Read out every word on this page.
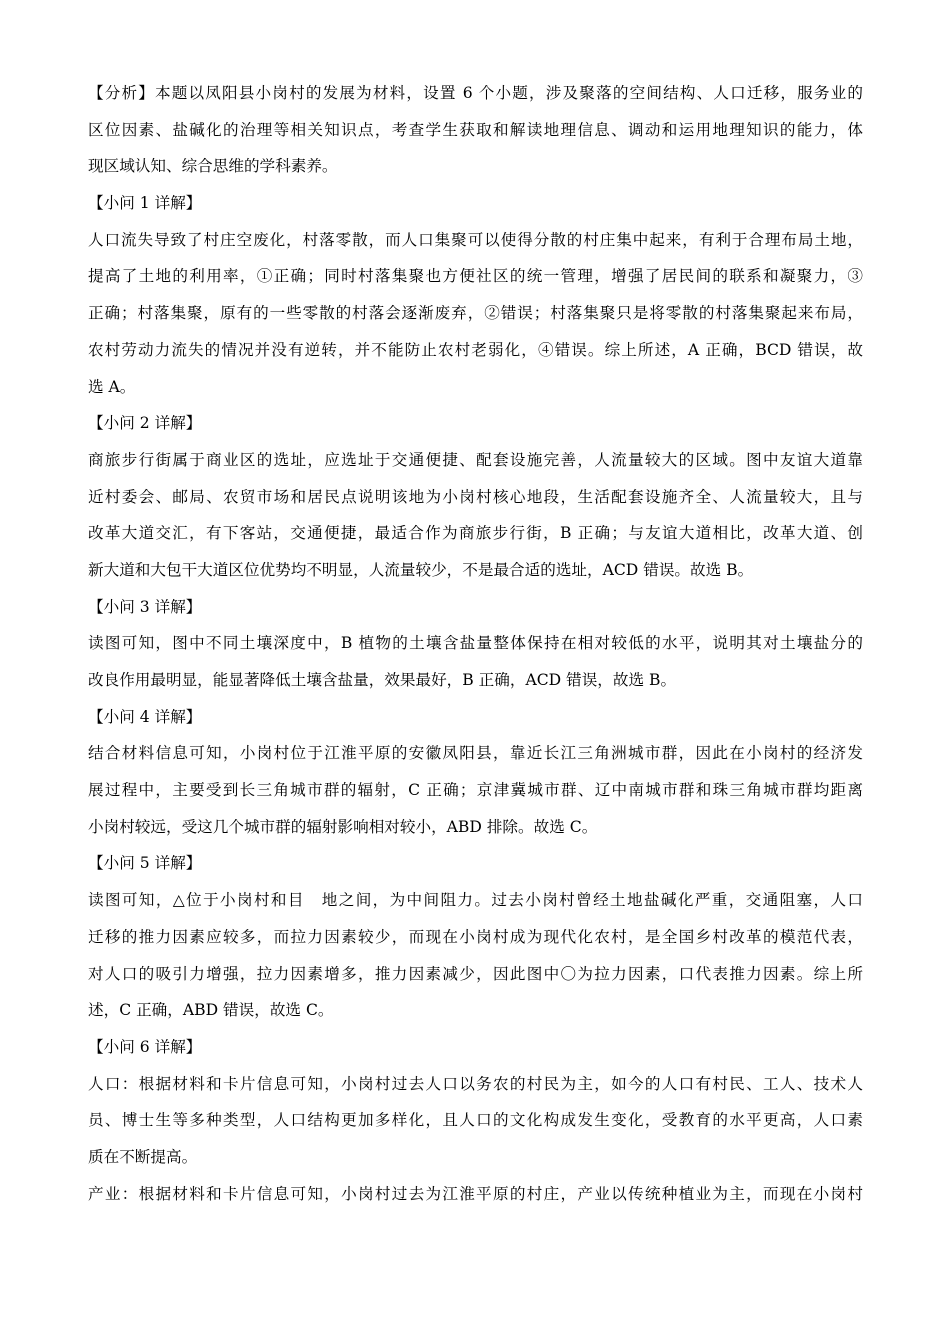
【分析】本题以凤阳县小岗村的发展为材料，设置 6 个小题，涉及聚落的空间结构、人口迁移，服务业的
区位因素、盐碱化的治理等相关知识点，考查学生获取和解读地理信息、调动和运用地理知识的能力，体
现区域认知、综合思维的学科素养。
【小问 1 详解】
人口流失导致了村庄空废化，村落零散，而人口集聚可以使得分散的村庄集中起来，有利于合理布局土地，
提高了土地的利用率，①正确；同时村落集聚也方便社区的统一管理，增强了居民间的联系和凝聚力，③
正确；村落集聚，原有的一些零散的村落会逐渐废弃，②错误；村落集聚只是将零散的村落集聚起来布局，
农村劳动力流失的情况并没有逆转，并不能防止农村老弱化，④错误。综上所述，A 正确，BCD 错误，故
选 A。
【小问 2 详解】
商旅步行街属于商业区的选址，应选址于交通便捷、配套设施完善，人流量较大的区域。图中友谊大道靠
近村委会、邮局、农贸市场和居民点说明该地为小岗村核心地段，生活配套设施齐全、人流量较大，且与
改革大道交汇，有下客站，交通便捷，最适合作为商旅步行街，B 正确；与友谊大道相比，改革大道、创
新大道和大包干大道区位优势均不明显，人流量较少，不是最合适的选址，ACD 错误。故选 B。
【小问 3 详解】
读图可知，图中不同土壤深度中，B 植物的土壤含盐量整体保持在相对较低的水平，说明其对土壤盐分的
改良作用最明显，能显著降低土壤含盐量，效果最好，B 正确，ACD 错误，故选 B。
【小问 4 详解】
结合材料信息可知，小岗村位于江淮平原的安徽凤阳县，靠近长江三角洲城市群，因此在小岗村的经济发
展过程中，主要受到长三角城市群的辐射，C 正确；京津冀城市群、辽中南城市群和珠三角城市群均距离
小岗村较远，受这几个城市群的辐射影响相对较小，ABD 排除。故选 C。
【小问 5 详解】
读图可知，△位于小岗村和目　地之间，为中间阻力。过去小岗村曾经土地盐碱化严重，交通阻塞，人口
迁移的推力因素应较多，而拉力因素较少，而现在小岗村成为现代化农村，是全国乡村改革的模范代表，
对人口的吸引力增强，拉力因素增多，推力因素减少，因此图中〇为拉力因素，口代表推力因素。综上所
述，C 正确，ABD 错误，故选 C。
【小问 6 详解】
人口：根据材料和卡片信息可知，小岗村过去人口以务农的村民为主，如今的人口有村民、工人、技术人
员、博士生等多种类型，人口结构更加多样化，且人口的文化构成发生变化，受教育的水平更高，人口素
质在不断提高。
产业：根据材料和卡片信息可知，小岗村过去为江淮平原的村庄，产业以传统种植业为主，而现在小岗村
